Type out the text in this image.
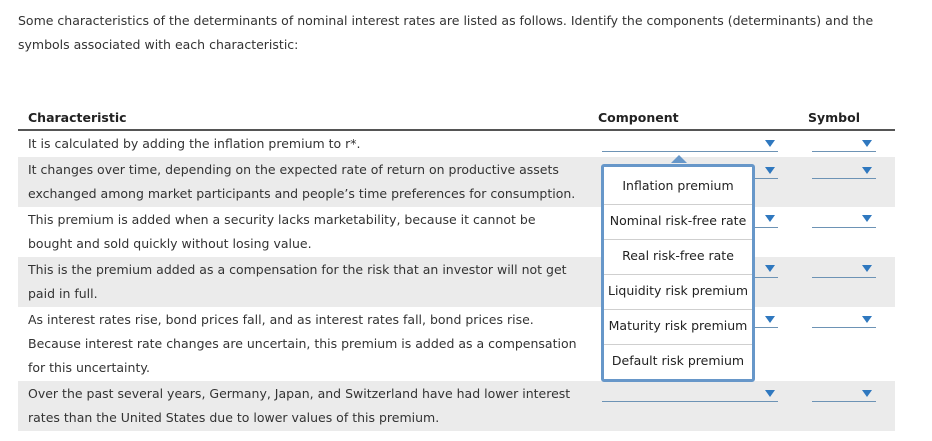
Some characteristics of the determinants of nominal interest rates are listed as follows. Identify the components (determinants) and the symbols associated with each characteristic:
Characteristic	Component	Symbol
It is calculated by adding the inflation premium to r*.
It changes over time, depending on the expected rate of return on productive assets exchanged among market participants and people’s time preferences for consumption.
This premium is added when a security lacks marketability, because it cannot be bought and sold quickly without losing value.
This is the premium added as a compensation for the risk that an investor will not get paid in full.
As interest rates rise, bond prices fall, and as interest rates fall, bond prices rise. Because interest rate changes are uncertain, this premium is added as a compensation for this uncertainty.
Over the past several years, Germany, Japan, and Switzerland have had lower interest rates than the United States due to lower values of this premium.
Inflation premium
Nominal risk-free rate
Real risk-free rate
Liquidity risk premium
Maturity risk premium
Default risk premium
